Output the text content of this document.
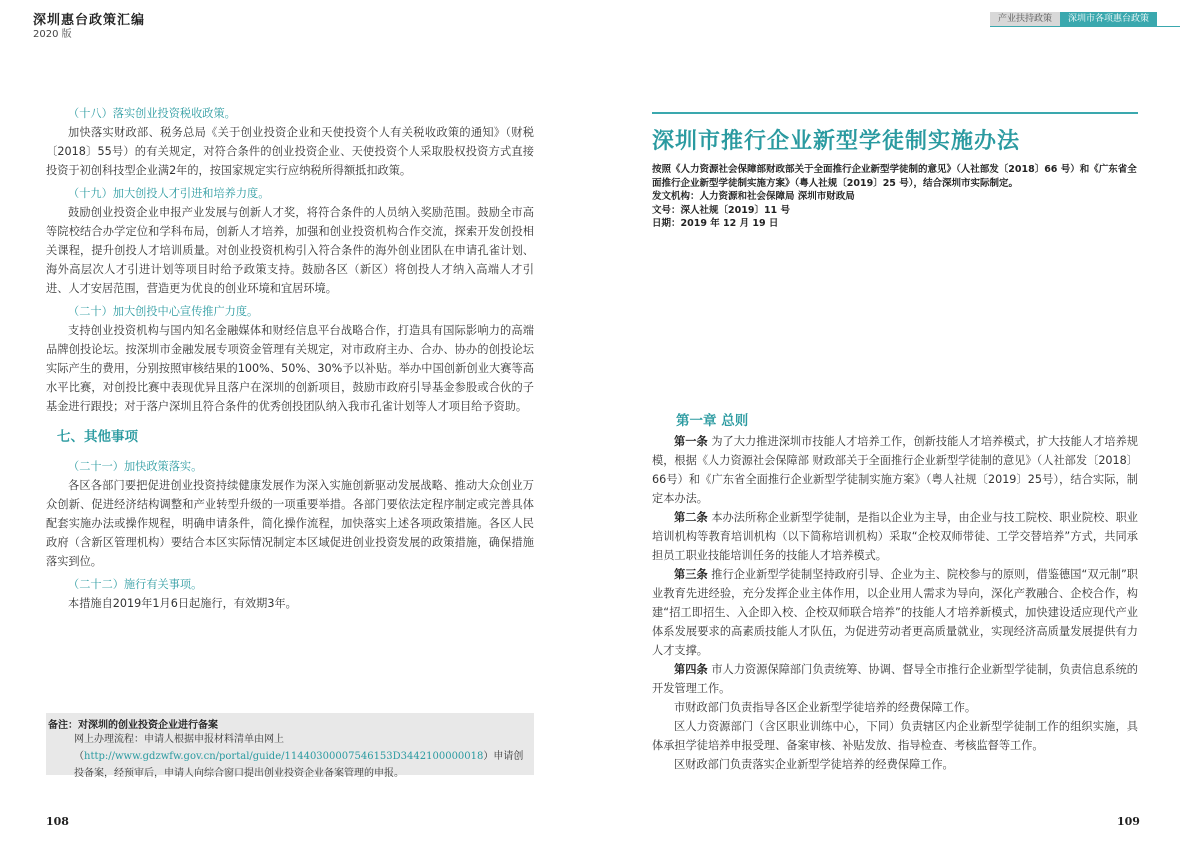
深圳惠台政策汇编
2020 版
产业扶持政策	深圳市各项惠台政策

（十八）落实创业投资税收政策。

加快落实财政部、税务总局《关于创业投资企业和天使投资个人有关税收政策的通知》（财税〔2018〕55号）的有关规定，对符合条件的创业投资企业、天使投资个人采取股权投资方式直接投资于初创科技型企业满2年的，按国家规定实行应纳税所得额抵扣政策。

（十九）加大创投人才引进和培养力度。

鼓励创业投资企业申报产业发展与创新人才奖，将符合条件的人员纳入奖励范围。鼓励全市高等院校结合办学定位和学科布局，创新人才培养，加强和创业投资机构合作交流，探索开发创投相关课程，提升创投人才培训质量。对创业投资机构引入符合条件的海外创业团队在申请孔雀计划、海外高层次人才引进计划等项目时给予政策支持。鼓励各区（新区）将创投人才纳入高端人才引进、人才安居范围，营造更为优良的创业环境和宜居环境。

（二十）加大创投中心宣传推广力度。

支持创业投资机构与国内知名金融媒体和财经信息平台战略合作，打造具有国际影响力的高端品牌创投论坛。按深圳市金融发展专项资金管理有关规定，对市政府主办、合办、协办的创投论坛实际产生的费用，分别按照审核结果的100%、50%、30%予以补贴。举办中国创新创业大赛等高水平比赛，对创投比赛中表现优异且落户在深圳的创新项目，鼓励市政府引导基金参股或合伙的子基金进行跟投；对于落户深圳且符合条件的优秀创投团队纳入我市孔雀计划等人才项目给予资助。

七、其他事项

（二十一）加快政策落实。

各区各部门要把促进创业投资持续健康发展作为深入实施创新驱动发展战略、推动大众创业万众创新、促进经济结构调整和产业转型升级的一项重要举措。各部门要依法定程序制定或完善具体配套实施办法或操作规程，明确申请条件，简化操作流程，加快落实上述各项政策措施。各区人民政府（含新区管理机构）要结合本区实际情况制定本区域促进创业投资发展的政策措施，确保措施落实到位。

（二十二）施行有关事项。

本措施自2019年1月6日起施行，有效期3年。

备注：对深圳的创业投资企业进行备案
网上办理流程：申请人根据申报材料清单由网上（http://www.gdzwfw.gov.cn/portal/guide/11440300007546153D3442100000018）申请创投备案，经预审后，申请人向综合窗口提出创业投资企业备案管理的申报。
108
深圳市推行企业新型学徒制实施办法

按照《人力资源社会保障部财政部关于全面推行企业新型学徒制的意见》（人社部发〔2018〕66 号）和《广东省全面推行企业新型学徒制实施方案》（粤人社规〔2019〕25 号），结合深圳市实际制定。

发文机构：人力资源和社会保障局 深圳市财政局

文号：深人社规〔2019〕11 号

日期：2019 年 12 月 19 日

第一章 总则

第一条 为了大力推进深圳市技能人才培养工作，创新技能人才培养模式，扩大技能人才培养规模，根据《人力资源社会保障部 财政部关于全面推行企业新型学徒制的意见》（人社部发〔2018〕66号）和《广东省全面推行企业新型学徒制实施方案》（粤人社规〔2019〕25号），结合实际，制定本办法。

第二条 本办法所称企业新型学徒制，是指以企业为主导，由企业与技工院校、职业院校、职业培训机构等教育培训机构（以下简称培训机构）采取“企校双师带徒、工学交替培养”方式，共同承担员工职业技能培训任务的技能人才培养模式。

第三条 推行企业新型学徒制坚持政府引导、企业为主、院校参与的原则，借鉴德国“双元制”职业教育先进经验，充分发挥企业主体作用，以企业用人需求为导向，深化产教融合、企校合作，构建“招工即招生、入企即入校、企校双师联合培养”的技能人才培养新模式，加快建设适应现代产业体系发展要求的高素质技能人才队伍，为促进劳动者更高质量就业，实现经济高质量发展提供有力人才支撑。

第四条 市人力资源保障部门负责统筹、协调、督导全市推行企业新型学徒制，负责信息系统的开发管理工作。

市财政部门负责指导各区企业新型学徒培养的经费保障工作。

区人力资源部门（含区职业训练中心，下同）负责辖区内企业新型学徒制工作的组织实施，具体承担学徒培养申报受理、备案审核、补贴发放、指导检查、考核监督等工作。

区财政部门负责落实企业新型学徒培养的经费保障工作。

109
